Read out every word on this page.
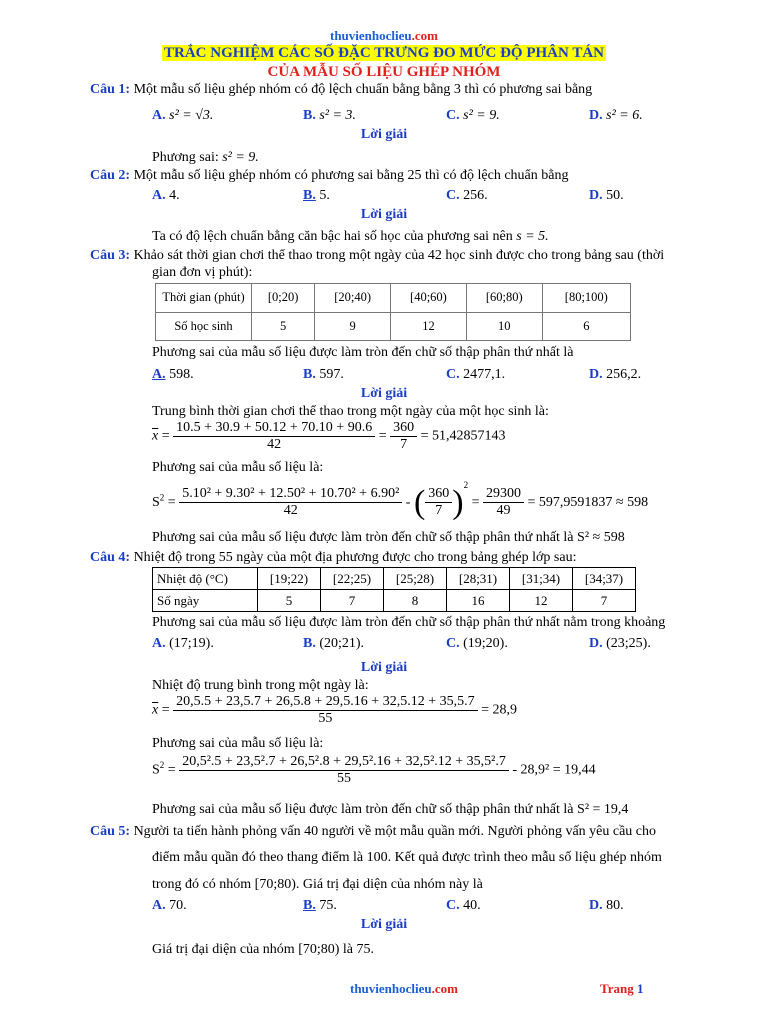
thuvienhoclieu.com
TRẮC NGHIỆM CÁC SỐ ĐẶC TRƯNG ĐO MỨC ĐỘ PHÂN TÁN
CỦA MẪU SỐ LIỆU GHÉP NHÓM
Câu 1: Một mẫu số liệu ghép nhóm có độ lệch chuẩn bằng bằng 3 thì có phương sai bằng
A. s² = √3.	B. s² = 3.	C. s² = 9.	D. s² = 6.
Lời giải
Phương sai: s² = 9.
Câu 2: Một mẫu số liệu ghép nhóm có phương sai bằng 25 thì có độ lệch chuẩn bằng
A. 4.	B. 5.	C. 256.	D. 50.
Lời giải
Ta có độ lệch chuẩn bằng căn bậc hai số học của phương sai nên s = 5.
Câu 3: Khảo sát thời gian chơi thể thao trong một ngày của 42 học sinh được cho trong bảng sau (thời
gian đơn vị phút):
Thời gian (phút)	[0;20)	[20;40)	[40;60)	[60;80)	[80;100)
Số học sinh	5	9	12	10	6
Phương sai của mẫu số liệu được làm tròn đến chữ số thập phân thứ nhất là
A. 598.	B. 597.	C. 2477,1.	D. 256,2.
Lời giải
Trung bình thời gian chơi thể thao trong một ngày của một học sinh là:
$\overline{x} = \frac{10.5 + 30.9 + 50.12 + 70.10 + 90.6}{42} = \frac{360}{7} = 51,42857143$
Phương sai của mẫu số liệu là:
$S^2 = \frac{\text{5.10² + 9.30² + 12.50² + 10.70² + 6.90²}}{42}$ - ( $\frac{360}{7} )^2 = \frac{29300}{49} = 597,9591837 \approx 598$
Phương sai của mẫu số liệu được làm tròn đến chữ số thập phân thứ nhất là S² ≈ 598
Câu 4: Nhiệt độ trong 55 ngày của một địa phương được cho trong bảng ghép lớp sau:
Nhiệt độ (°C)	[19;22)	[22;25)	[25;28)	[28;31)	[31;34)	[34;37)
Số ngày	5	7	8	16	12	7
Phương sai của mẫu số liệu được làm tròn đến chữ số thập phân thứ nhất nằm trong khoảng
A. (17;19).	B. (20;21).	C. (19;20).	D. (23;25).
Lời giải
Nhiệt độ trung bình trong một ngày là:
$\overline{x} = \frac{20,5.5 + 23,5.7 + 26,5.8 + 29,5.16 + 32,5.12 + 35,5.7}{55} = 28,9$
Phương sai của mẫu số liệu là:
$S^2 = \frac{\text{20,5².5 + 23,5².7 + 26,5².8 + 29,5².16 + 32,5².12 + 35,5².7}}{55} - 28,9^2 = 19,44$
Phương sai của mẫu số liệu được làm tròn đến chữ số thập phân thứ nhất là S² = 19,4
Câu 5: Người ta tiến hành phỏng vấn 40 người về một mẫu quần mới. Người phỏng vấn yêu cầu cho
điểm mẫu quần đó theo thang điểm là 100. Kết quả được trình theo mẫu số liệu ghép nhóm
trong đó có nhóm [70;80). Giá trị đại diện của nhóm này là
A. 70.	B. 75.	C. 40.	D. 80.
Lời giải
Giá trị đại diện của nhóm [70;80) là 75.
thuvienhoclieu.com	Trang 1
